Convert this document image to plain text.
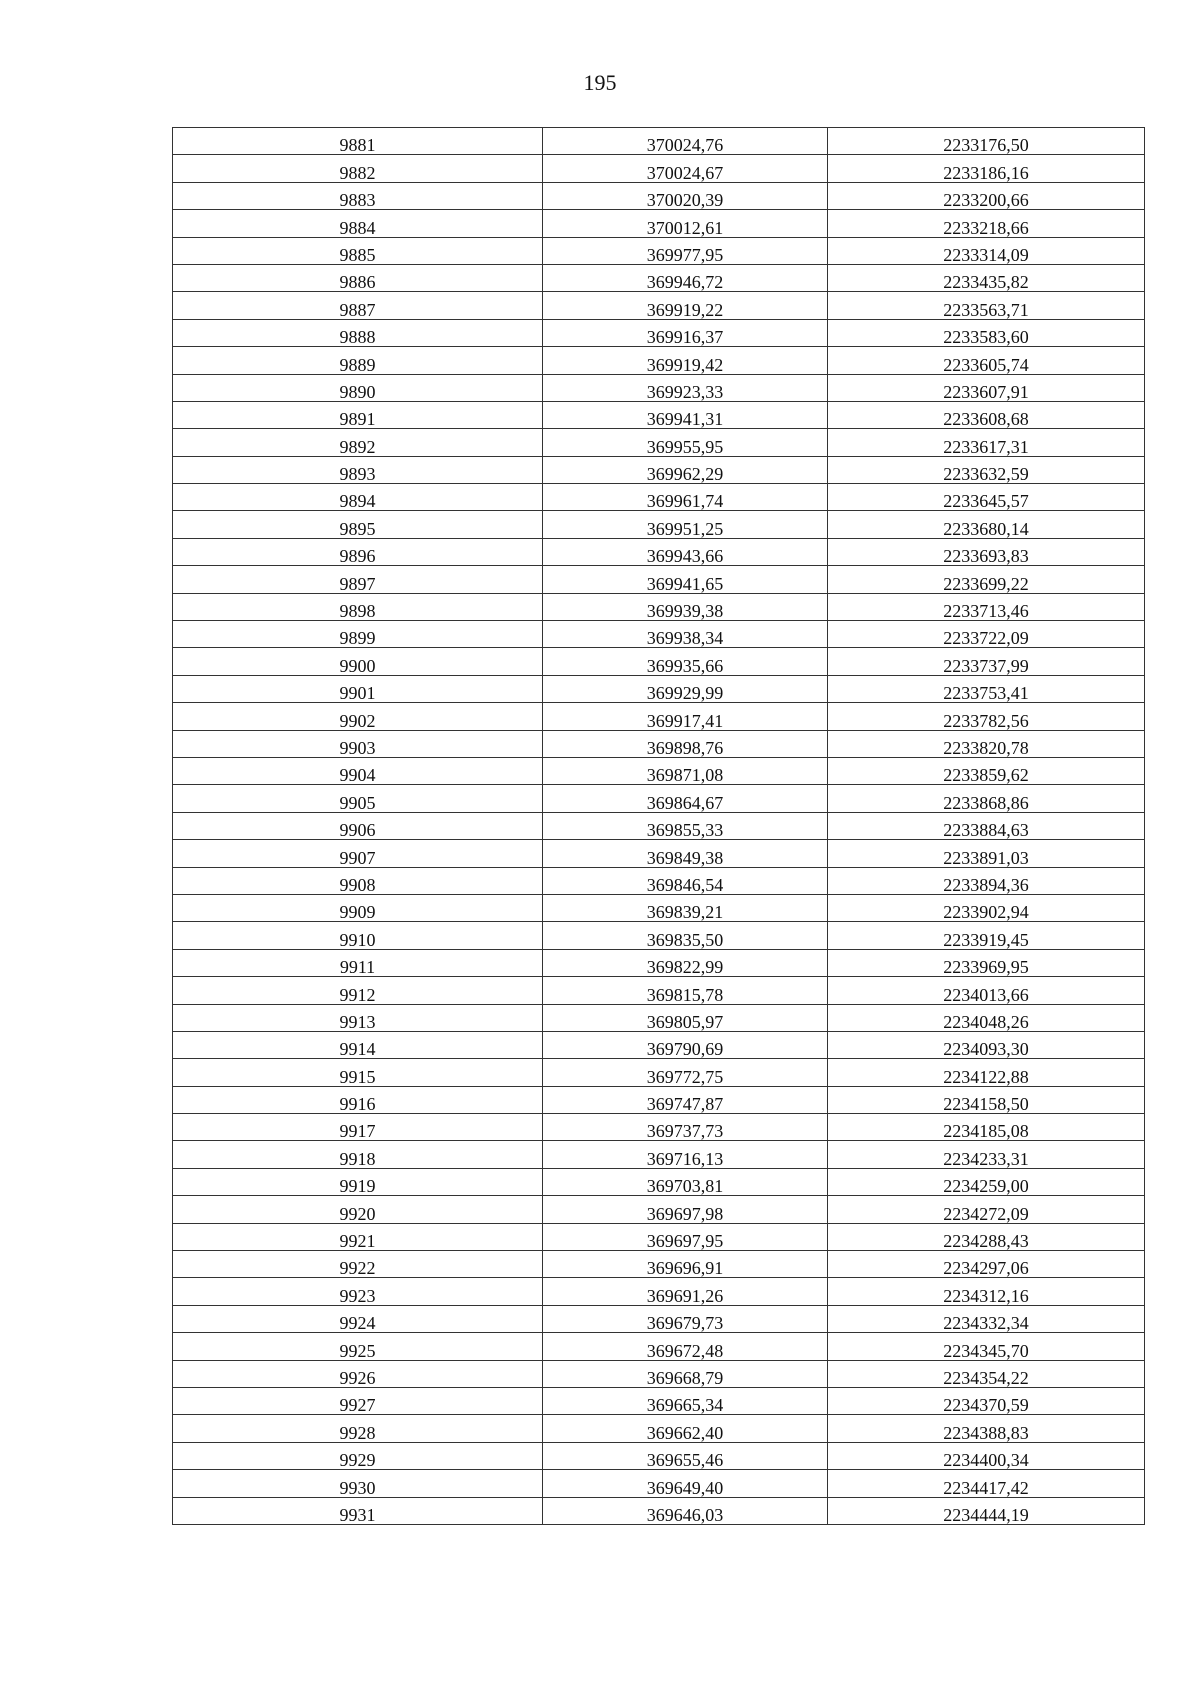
195
9881	370024,76	2233176,50
9882	370024,67	2233186,16
9883	370020,39	2233200,66
9884	370012,61	2233218,66
9885	369977,95	2233314,09
9886	369946,72	2233435,82
9887	369919,22	2233563,71
9888	369916,37	2233583,60
9889	369919,42	2233605,74
9890	369923,33	2233607,91
9891	369941,31	2233608,68
9892	369955,95	2233617,31
9893	369962,29	2233632,59
9894	369961,74	2233645,57
9895	369951,25	2233680,14
9896	369943,66	2233693,83
9897	369941,65	2233699,22
9898	369939,38	2233713,46
9899	369938,34	2233722,09
9900	369935,66	2233737,99
9901	369929,99	2233753,41
9902	369917,41	2233782,56
9903	369898,76	2233820,78
9904	369871,08	2233859,62
9905	369864,67	2233868,86
9906	369855,33	2233884,63
9907	369849,38	2233891,03
9908	369846,54	2233894,36
9909	369839,21	2233902,94
9910	369835,50	2233919,45
9911	369822,99	2233969,95
9912	369815,78	2234013,66
9913	369805,97	2234048,26
9914	369790,69	2234093,30
9915	369772,75	2234122,88
9916	369747,87	2234158,50
9917	369737,73	2234185,08
9918	369716,13	2234233,31
9919	369703,81	2234259,00
9920	369697,98	2234272,09
9921	369697,95	2234288,43
9922	369696,91	2234297,06
9923	369691,26	2234312,16
9924	369679,73	2234332,34
9925	369672,48	2234345,70
9926	369668,79	2234354,22
9927	369665,34	2234370,59
9928	369662,40	2234388,83
9929	369655,46	2234400,34
9930	369649,40	2234417,42
9931	369646,03	2234444,19
